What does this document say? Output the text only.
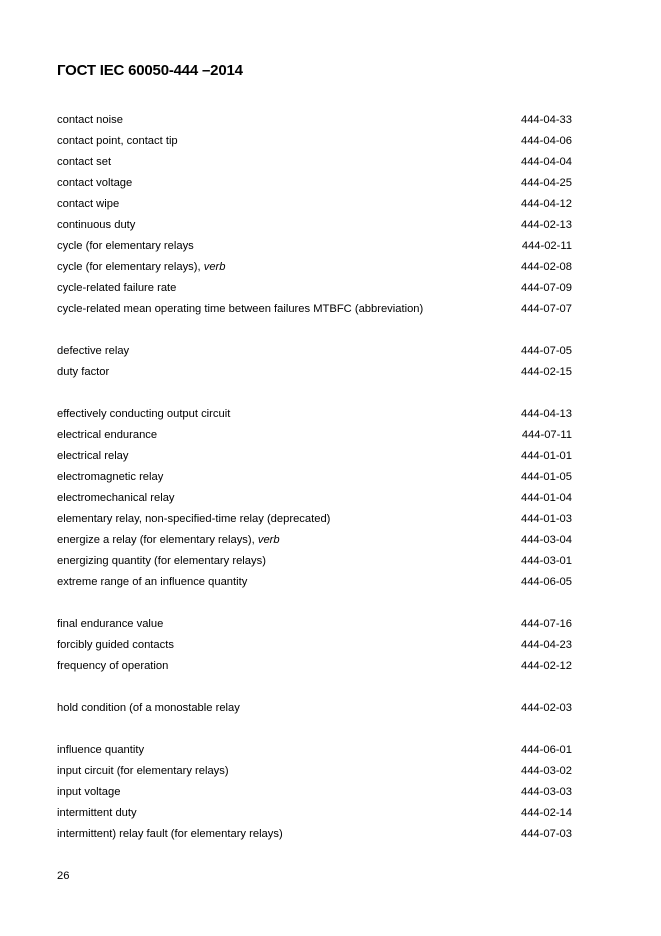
ГОСТ IEC 60050-444 –2014
contact noise	444-04-33
contact point, contact tip	444-04-06
contact set	444-04-04
contact voltage	444-04-25
contact wipe	444-04-12
continuous duty	444-02-13
cycle (for elementary relays	444-02-11
cycle (for elementary relays), verb	444-02-08
cycle-related failure rate	444-07-09
cycle-related mean operating time between failures MTBFC (abbreviation)	444-07-07
defective relay	444-07-05
duty factor	444-02-15
effectively conducting output circuit	444-04-13
electrical endurance	444-07-11
electrical relay	444-01-01
electromagnetic relay	444-01-05
electromechanical relay	444-01-04
elementary relay, non-specified-time relay (deprecated)	444-01-03
energize a relay (for elementary relays), verb	444-03-04
energizing quantity (for elementary relays)	444-03-01
extreme range of an influence quantity	444-06-05
final endurance value	444-07-16
forcibly guided contacts	444-04-23
frequency of operation	444-02-12
hold condition (of a monostable relay	444-02-03
influence quantity	444-06-01
input circuit (for elementary relays)	444-03-02
input voltage	444-03-03
intermittent duty	444-02-14
intermittent) relay fault (for elementary relays)	444-07-03
26
